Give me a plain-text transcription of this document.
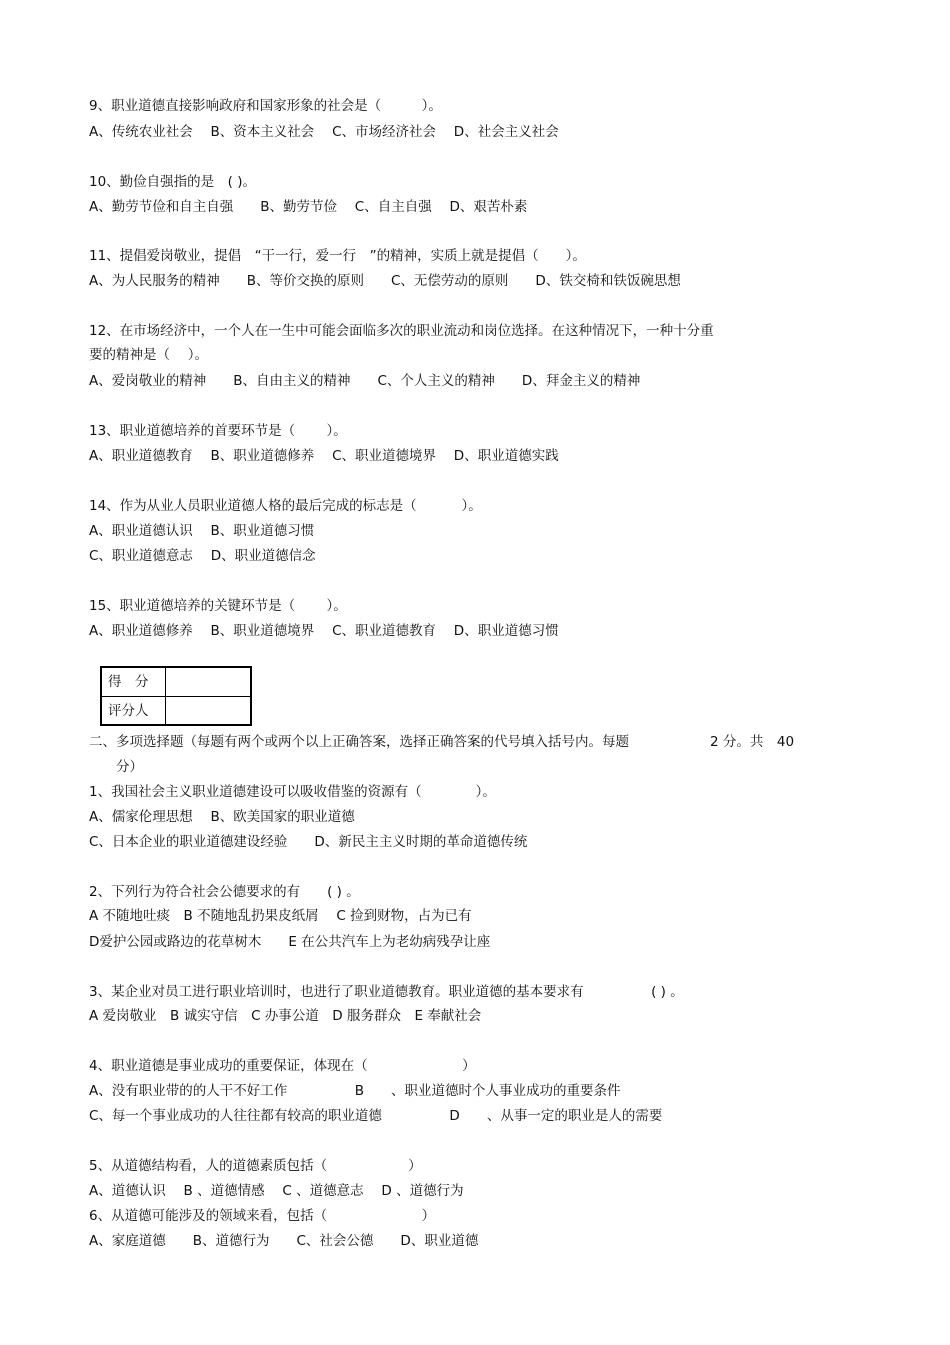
9、职业道德直接影响政府和国家形象的社会是（　　　）。
A、传统农业社会　 B、资本主义社会　 C、市场经济社会　 D、社会主义社会
10、勤俭自强指的是　( )。
A、勤劳节俭和自主自强　　B、勤劳节俭　 C、自主自强　 D、艰苦朴素
11、提倡爱岗敬业，提倡　“干一行，爱一行　”的精神，实质上就是提倡（　　）。
A、为人民服务的精神　　B、等价交换的原则　　C、无偿劳动的原则　　D、铁交椅和铁饭碗思想
12、在市场经济中，一个人在一生中可能会面临多次的职业流动和岗位选择。在这种情况下，一种十分重
要的精神是（　 ）。
A、爱岗敬业的精神　　B、自由主义的精神　　C、个人主义的精神　　D、拜金主义的精神
13、职业道德培养的首要环节是（　　 ）。
A、职业道德教育　 B、职业道德修养　 C、职业道德境界　 D、职业道德实践
14、作为从业人员职业道德人格的最后完成的标志是（　　　 ）。
A、职业道德认识　 B、职业道德习惯
C、职业道德意志　 D、职业道德信念
15、职业道德培养的关键环节是（　　 ）。
A、职业道德修养　 B、职业道德境界　 C、职业道德教育　 D、职业道德习惯
二、多项选择题（每题有两个或两个以上正确答案，选择正确答案的代号填入括号内。每题　　　　　　2 分。共　40
　　分）
1、我国社会主义职业道德建设可以吸收借鉴的资源有（　　　　）。
A、儒家伦理思想　 B、欧美国家的职业道德
C、日本企业的职业道德建设经验　　D、新民主主义时期的革命道德传统
2、下列行为符合社会公德要求的有　　( ) 。
A 不随地吐痰　B 不随地乱扔果皮纸屑　 C 捡到财物，占为已有
D爱护公园或路边的花草树木　　E 在公共汽车上为老幼病残孕让座
3、某企业对员工进行职业培训时，也进行了职业道德教育。职业道德的基本要求有　　　　　( ) 。
A 爱岗敬业　B 诚实守信　C 办事公道　D 服务群众　E 奉献社会
4、职业道德是事业成功的重要保证，体现在（　　　　　　　）
A、没有职业带的的人干不好工作　　　　　B　　、职业道德时个人事业成功的重要条件
C、每一个事业成功的人往往都有较高的职业道德　　　　　D　　、从事一定的职业是人的需要
5、从道德结构看，人的道德素质包括（　　　　　　）
A、道德认识　 B 、道德情感　 C 、道德意志　 D 、道德行为
6、从道德可能涉及的领域来看，包括（　　　　　　　）
A、家庭道德　　B、道德行为　　C、社会公德　　D、职业道德
得　分
评分人
